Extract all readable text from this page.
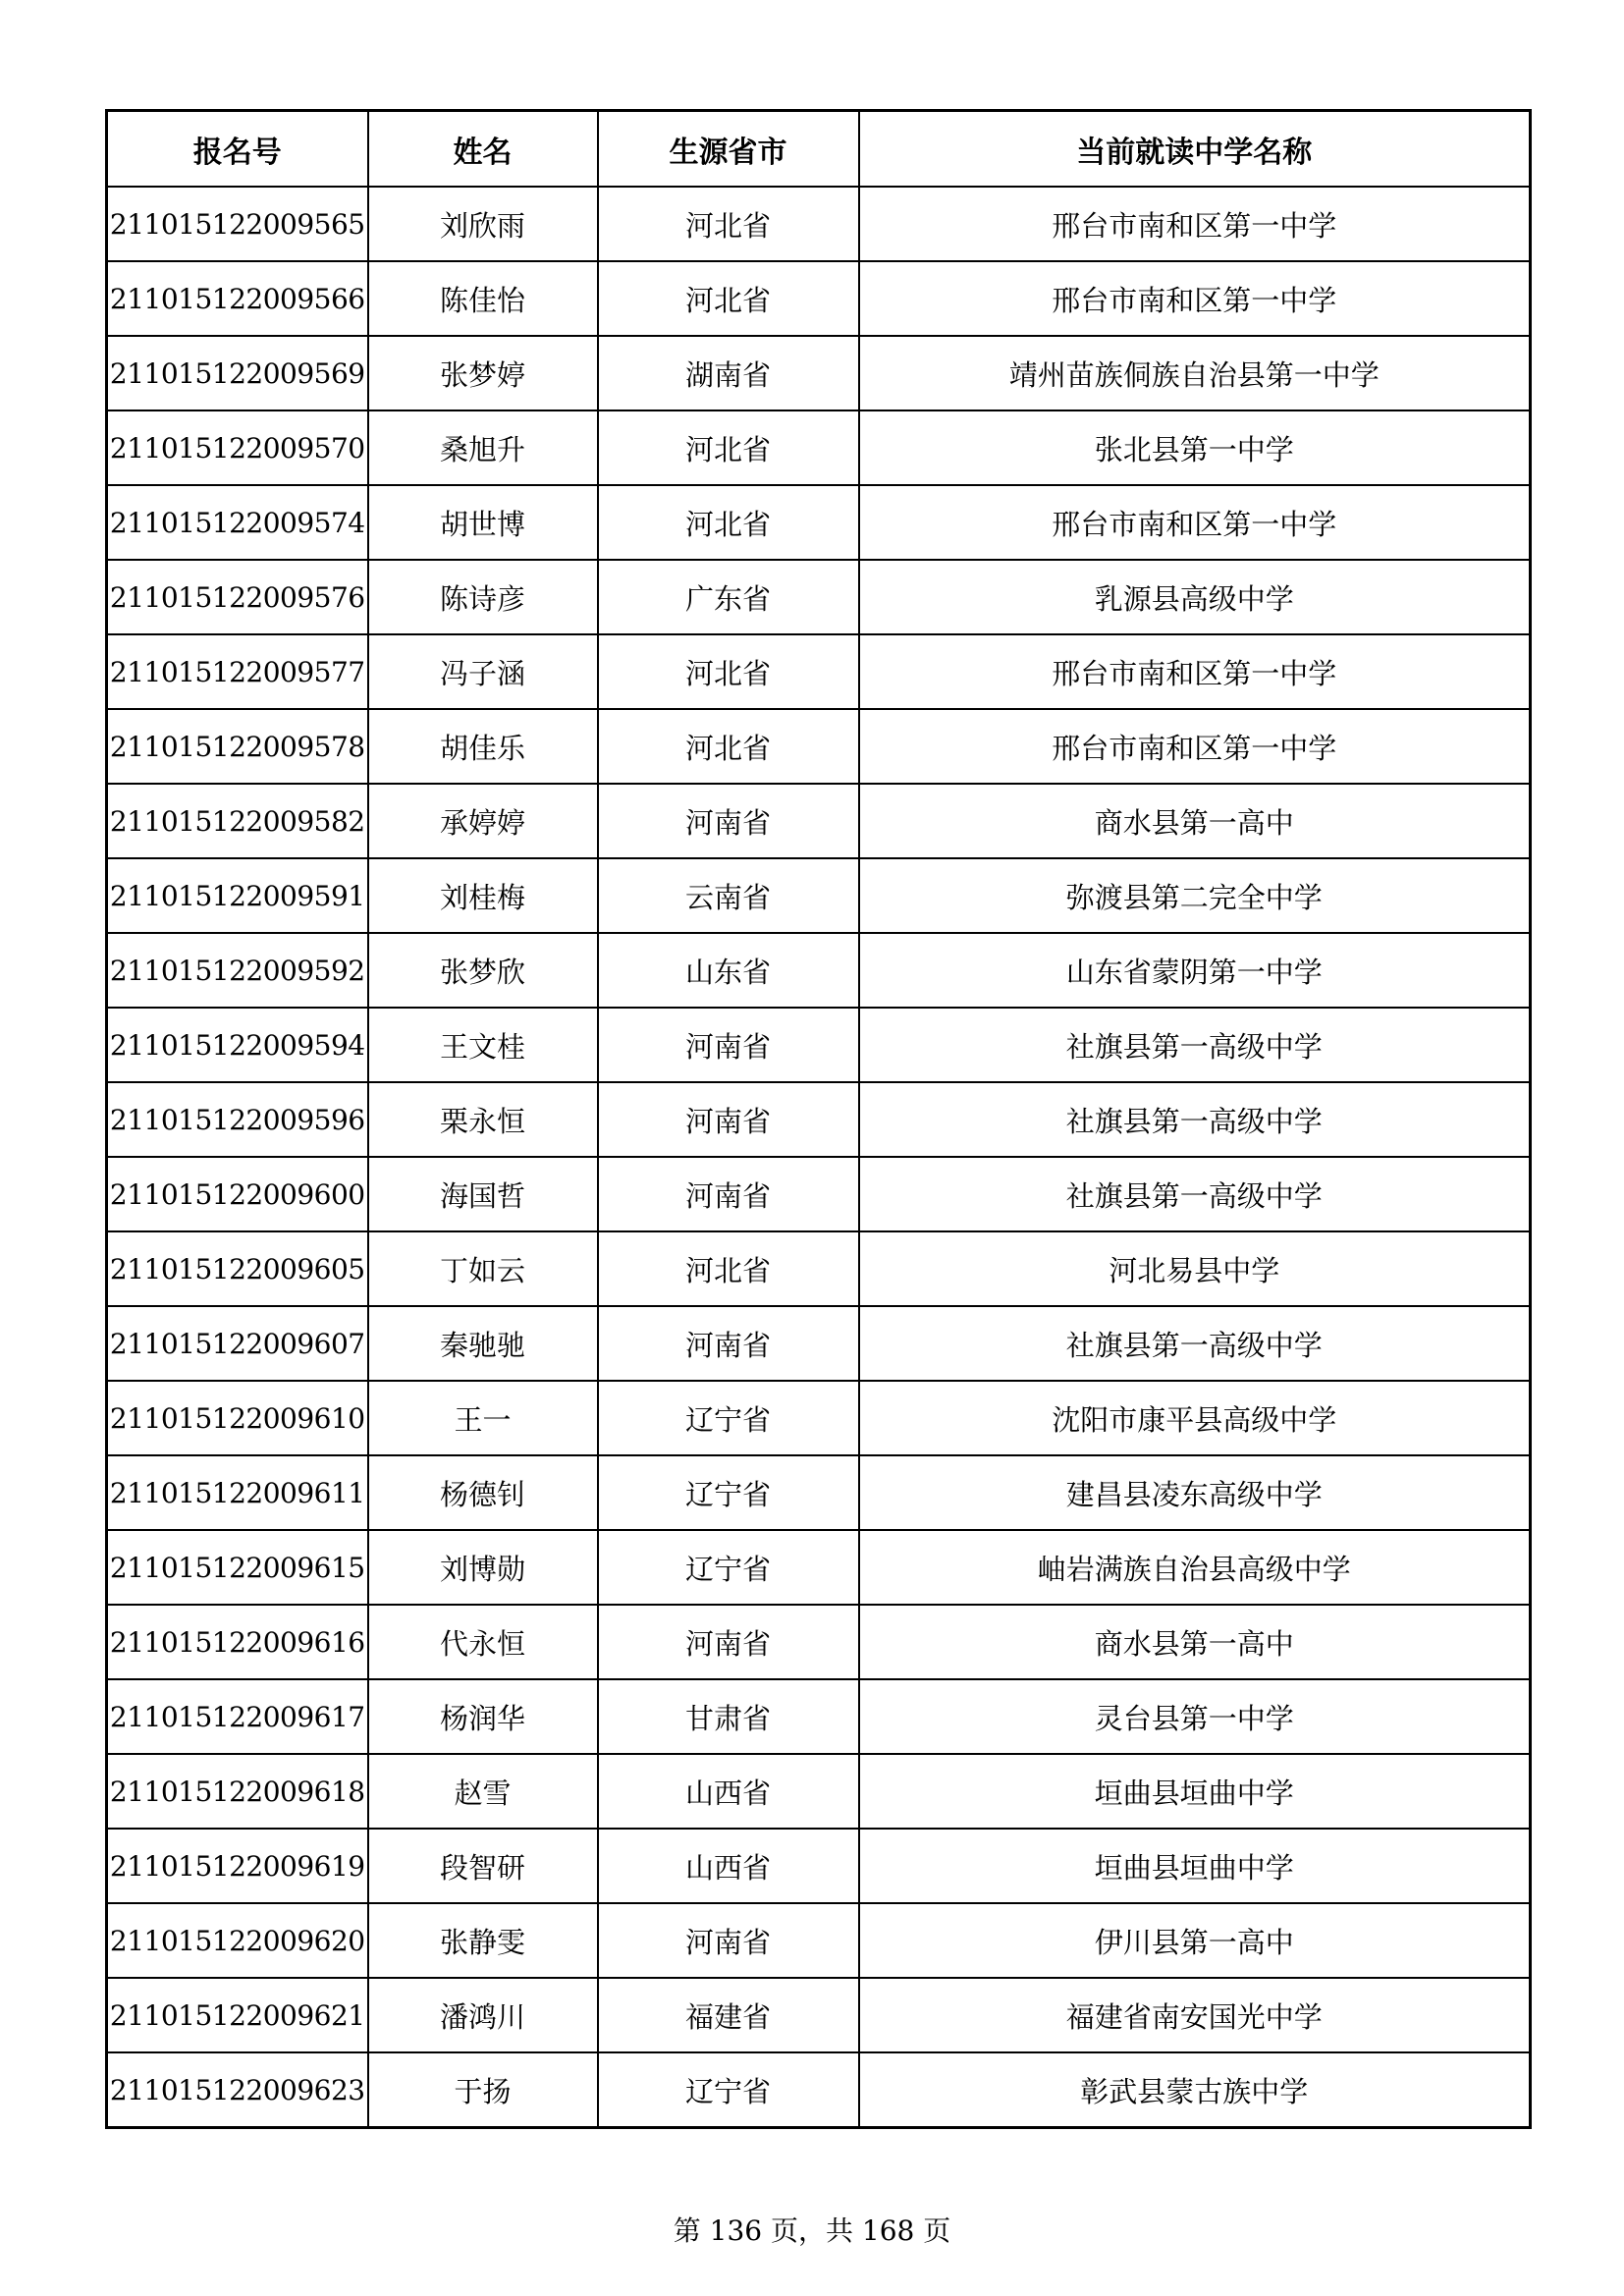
报名号	姓名	生源省市	当前就读中学名称
211015122009565	刘欣雨	河北省	邢台市南和区第一中学
211015122009566	陈佳怡	河北省	邢台市南和区第一中学
211015122009569	张梦婷	湖南省	靖州苗族侗族自治县第一中学
211015122009570	桑旭升	河北省	张北县第一中学
211015122009574	胡世博	河北省	邢台市南和区第一中学
211015122009576	陈诗彦	广东省	乳源县高级中学
211015122009577	冯子涵	河北省	邢台市南和区第一中学
211015122009578	胡佳乐	河北省	邢台市南和区第一中学
211015122009582	承婷婷	河南省	商水县第一高中
211015122009591	刘桂梅	云南省	弥渡县第二完全中学
211015122009592	张梦欣	山东省	山东省蒙阴第一中学
211015122009594	王文桂	河南省	社旗县第一高级中学
211015122009596	栗永恒	河南省	社旗县第一高级中学
211015122009600	海国哲	河南省	社旗县第一高级中学
211015122009605	丁如云	河北省	河北易县中学
211015122009607	秦驰驰	河南省	社旗县第一高级中学
211015122009610	王一	辽宁省	沈阳市康平县高级中学
211015122009611	杨德钊	辽宁省	建昌县凌东高级中学
211015122009615	刘博勋	辽宁省	岫岩满族自治县高级中学
211015122009616	代永恒	河南省	商水县第一高中
211015122009617	杨润华	甘肃省	灵台县第一中学
211015122009618	赵雪	山西省	垣曲县垣曲中学
211015122009619	段智研	山西省	垣曲县垣曲中学
211015122009620	张静雯	河南省	伊川县第一高中
211015122009621	潘鸿川	福建省	福建省南安国光中学
211015122009623	于扬	辽宁省	彰武县蒙古族中学
第 136 页，共 168 页
